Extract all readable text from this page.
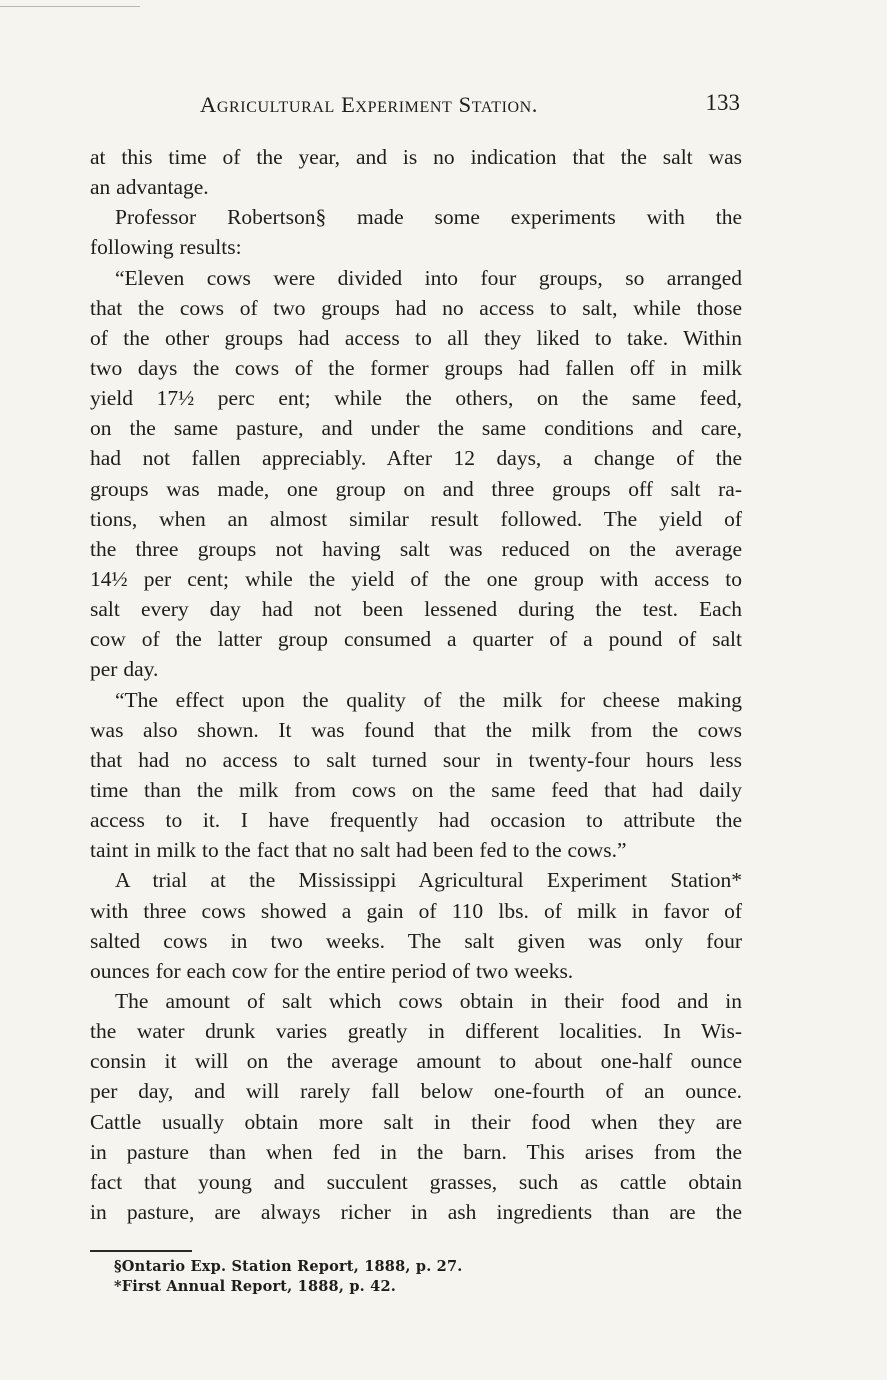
Agricultural Experiment Station.	133
at this time of the year, and is no indication that the salt was
an advantage.
Professor Robertson§ made some experiments with the
following results:
“Eleven cows were divided into four groups, so arranged
that the cows of two groups had no access to salt, while those
of the other groups had access to all they liked to take. Within
two days the cows of the former groups had fallen off in milk
yield 17½ perc ent; while the others, on the same feed,
on the same pasture, and under the same conditions and care,
had not fallen appreciably. After 12 days, a change of the
groups was made, one group on and three groups off salt ra-
tions, when an almost similar result followed. The yield of
the three groups not having salt was reduced on the average
14½ per cent; while the yield of the one group with access to
salt every day had not been lessened during the test. Each
cow of the latter group consumed a quarter of a pound of salt
per day.
“The effect upon the quality of the milk for cheese making
was also shown. It was found that the milk from the cows
that had no access to salt turned sour in twenty-four hours less
time than the milk from cows on the same feed that had daily
access to it. I have frequently had occasion to attribute the
taint in milk to the fact that no salt had been fed to the cows.”
A trial at the Mississippi Agricultural Experiment Station*
with three cows showed a gain of 110 lbs. of milk in favor of
salted cows in two weeks. The salt given was only four
ounces for each cow for the entire period of two weeks.
The amount of salt which cows obtain in their food and in
the water drunk varies greatly in different localities. In Wis-
consin it will on the average amount to about one-half ounce
per day, and will rarely fall below one-fourth of an ounce.
Cattle usually obtain more salt in their food when they are
in pasture than when fed in the barn. This arises from the
fact that young and succulent grasses, such as cattle obtain
in pasture, are always richer in ash ingredients than are the
§Ontario Exp. Station Report, 1888, p. 27.
*First Annual Report, 1888, p. 42.
